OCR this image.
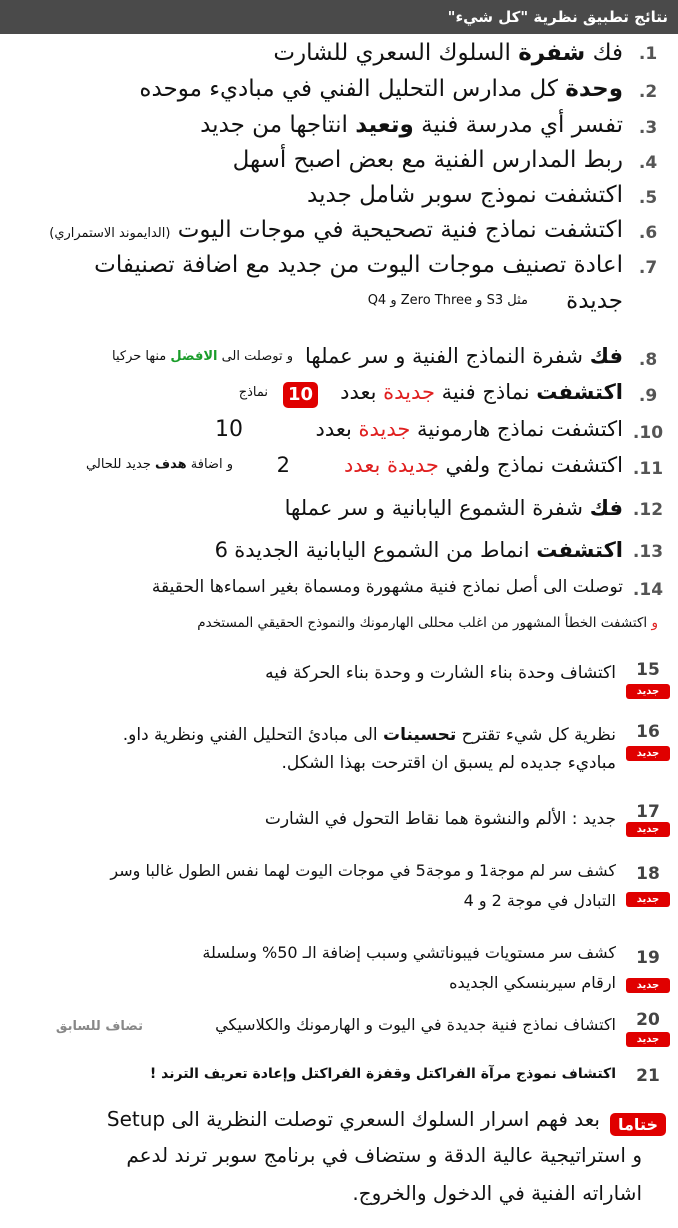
نتائج تطبيق نظرية "كل شيء"
1.
فك شفرة السلوك السعري للشارت
2.
وحدة كل مدارس التحليل الفني في مباديء موحده
3.
تفسر أي مدرسة فنية وتعيد انتاجها من جديد
4.
ربط المدارس الفنية مع بعض اصبح أسهل
5.
اكتشفت نموذج سوبر شامل جديد
6.
اكتشفت نماذج فنية تصحيحية في موجات اليوت (الدايموند الاستمراري)
7.
اعادة تصنيف موجات اليوت من جديد مع اضافة تصنيفات
جديدة
مثل S3 و Zero Three و Q4
8.
فك شفرة النماذج الفنية و سر عملها
و توصلت الى الافضل منها حركيا
9.
اكتشفت نماذج فنية جديدة بعدد
10
نماذج
10.
اكتشفت نماذج هارمونية جديدة بعدد
10
11.
اكتشفت نماذج ولفي جديدة بعدد
2
و اضافة هدف جديد للحالي
12.
فك شفرة الشموع اليابانية و سر عملها
13.
اكتشفت انماط من الشموع اليابانية الجديدة
6
14.
توصلت الى أصل نماذج فنية مشهورة ومسماة بغير اسماءها الحقيقة
و اكتشفت الخطأ المشهور من اغلب محللى الهارمونك والنموذج الحقيقي المستخدم
15
جديد
اكتشاف وحدة بناء الشارت و وحدة بناء الحركة فيه
16
جديد
نظرية كل شيء تقترح تحسينات الى مبادئ التحليل الفني ونظرية داو.
مباديء جديده لم يسبق ان اقترحت بهذا الشكل.
17
جديد
جديد : الألم والنشوة هما نقاط التحول في الشارت
18
جديد
كشف سر لم موجة1 و موجة5 في موجات اليوت لهما نفس الطول غالبا وسر
التبادل في موجة 2 و 4
19
جديد
كشف سر مستويات فيبوناتشي وسبب إضافة الـ 50% وسلسلة
ارقام سيربنسكي الجديده
20
جديد
اكتشاف نماذج فنية جديدة في اليوت و الهارمونك والكلاسيكي
تضاف للسابق
21
اكتشاف نموذج مرآة الفراكتل وقفزة الفراكتل وإعادة تعريف الترند !
ختاما
بعد فهم اسرار السلوك السعري توصلت النظرية الى Setup
و استراتيجية عالية الدقة و ستضاف في برنامج سوبر ترند لدعم
اشاراته الفنية في الدخول والخروج.
